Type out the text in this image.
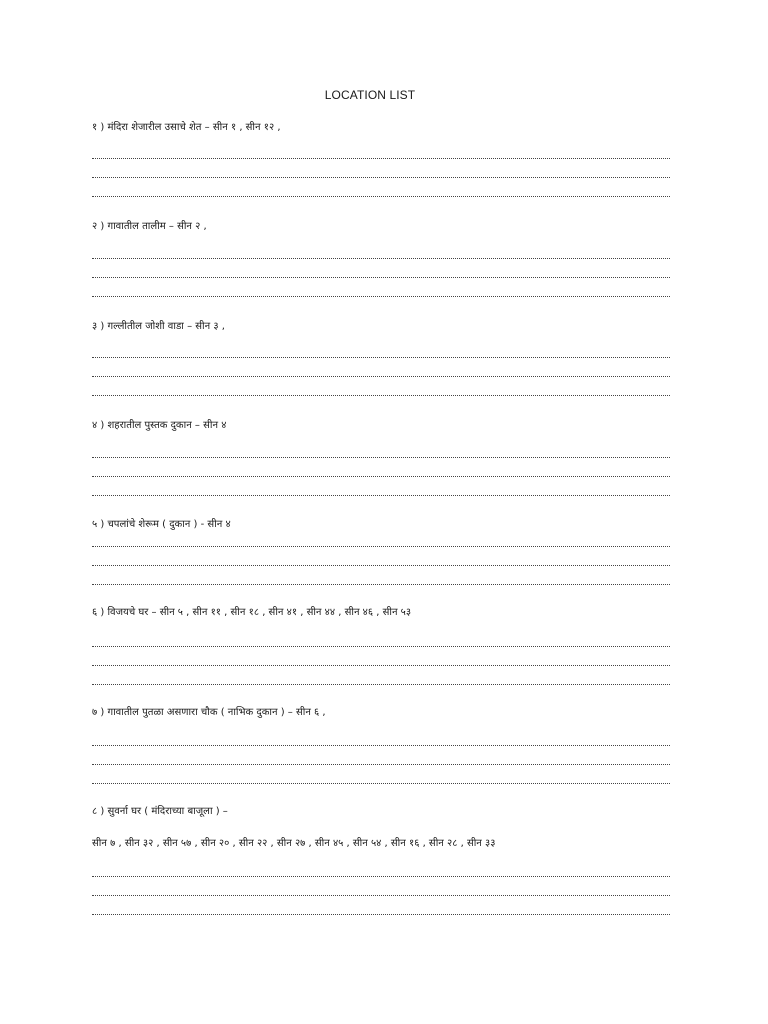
LOCATION LIST
१ ) मंदिरा शेजारील उसाचे शेत – सीन १ , सीन १२ ,
२ ) गावातील तालीम – सीन २ ,
३ ) गल्लीतील जोशी वाडा – सीन ३ ,
४ ) शहरातील पुस्तक दुकान – सीन ४
५ ) चपलांचे शेरूम ( दुकान ) - सीन ४
६ ) विजयचे घर – सीन ५ , सीन ११ , सीन १८ , सीन ४१ , सीन ४४ , सीन ४६ , सीन ५३
७ ) गावातील पुतळा असणारा चौक ( नाभिक दुकान ) – सीन ६ ,
८ ) सुवर्ना घर ( मंदिराच्या बाजूला ) –
सीन ७ , सीन ३२ , सीन ५७ , सीन २० , सीन २२ , सीन २७ , सीन ४५ , सीन ५४ , सीन १६ , सीन २८ , सीन ३३
